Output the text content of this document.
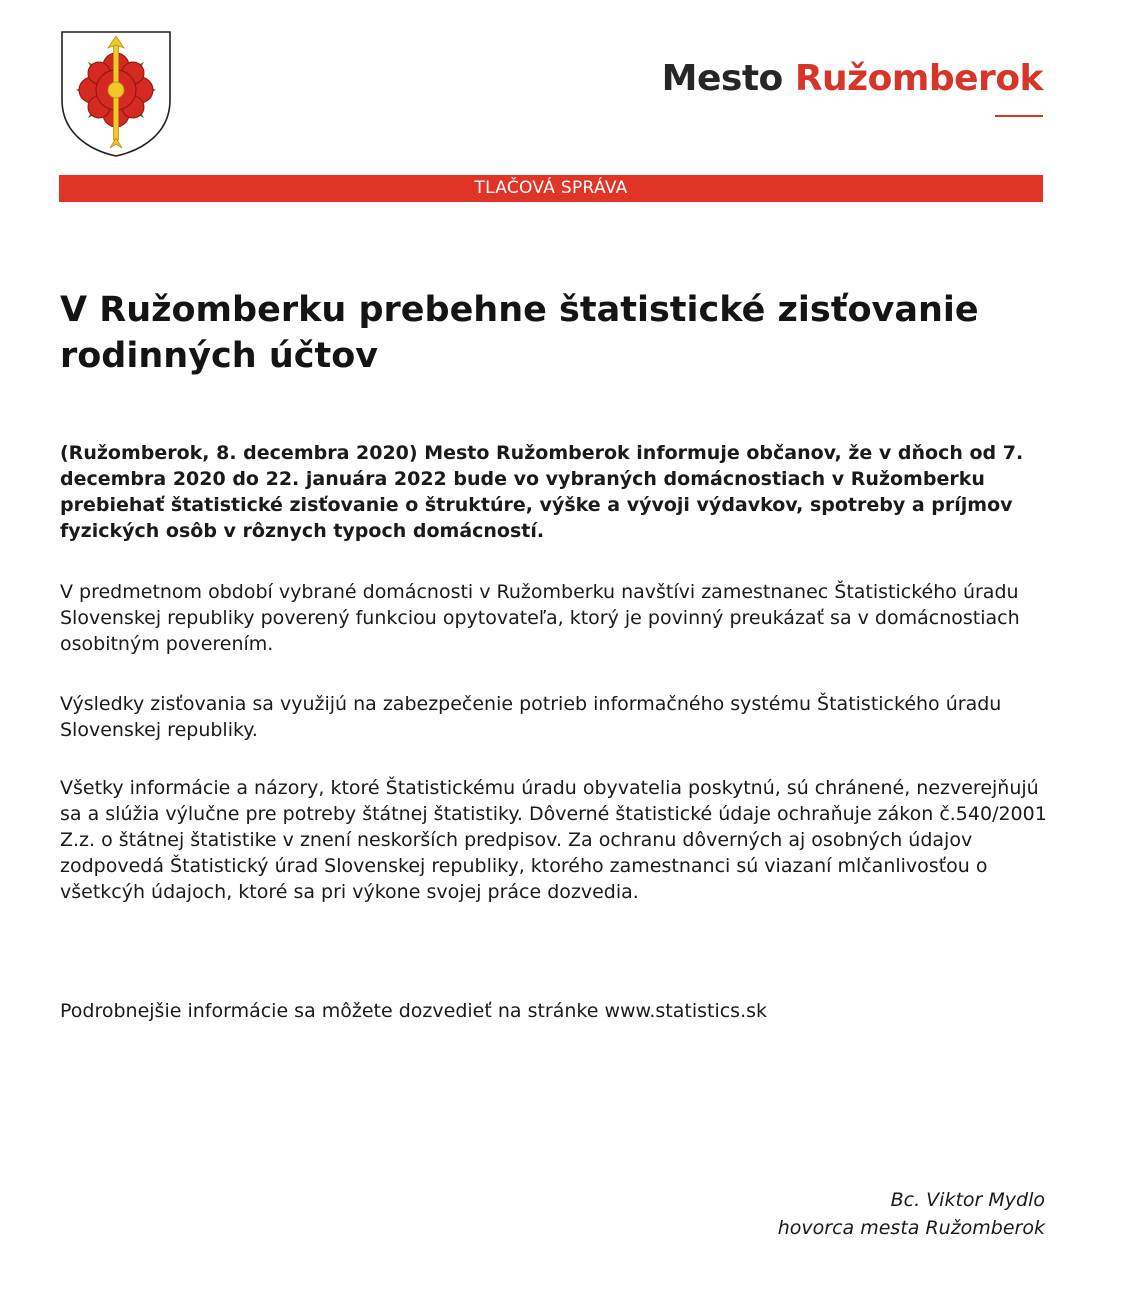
Mesto Ružomberok
TLAČOVÁ SPRÁVA
V Ružomberku prebehne štatistické zisťovanie rodinných účtov

(Ružomberok, 8. decembra 2020) Mesto Ružomberok informuje občanov, že v dňoch od 7. decembra 2020 do 22. januára 2022 bude vo vybraných domácnostiach v Ružomberku prebiehať štatistické zisťovanie o štruktúre, výške a vývoji výdavkov, spotreby a príjmov fyzických osôb v rôznych typoch domácností.

V predmetnom období vybrané domácnosti v Ružomberku navštívi zamestnanec Štatistického úradu Slovenskej republiky poverený funkciou opytovateľa, ktorý je povinný preukázať sa v domácnostiach osobitným poverením.

Výsledky zisťovania sa využijú na zabezpečenie potrieb informačného systému Štatistického úradu Slovenskej republiky.

Všetky informácie a názory, ktoré Štatistickému úradu obyvatelia poskytnú, sú chránené, nezverejňujú sa a slúžia výlučne pre potreby štátnej štatistiky. Dôverné štatistické údaje ochraňuje zákon č.540/2001 Z.z. o štátnej štatistike v znení neskorších predpisov. Za ochranu dôverných aj osobných údajov zodpovedá Štatistický úrad Slovenskej republiky, ktorého zamestnanci sú viazaní mlčanlivosťou o všetkcýh údajoch, ktoré sa pri výkone svojej práce dozvedia.

Podrobnejšie informácie sa môžete dozvedieť na stránke www.statistics.sk

Bc. Viktor Mydlo
hovorca mesta Ružomberok
